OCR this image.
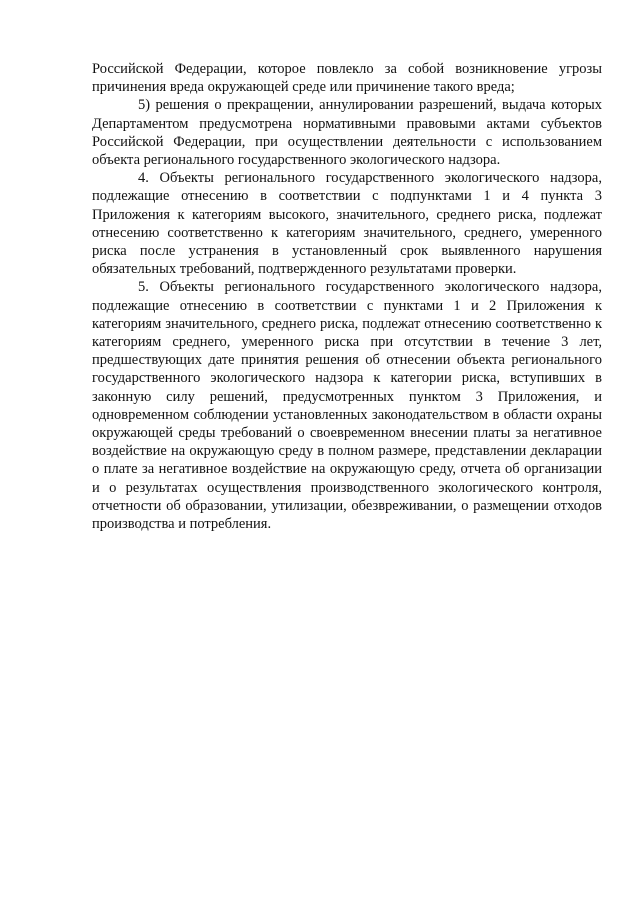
Российской Федерации, которое повлекло за собой возникновение угрозы причинения вреда окружающей среде или причинение такого вреда;

5) решения о прекращении, аннулировании разрешений, выдача которых Департаментом предусмотрена нормативными правовыми актами субъектов Российской Федерации, при осуществлении деятельности с использованием объекта регионального государственного экологического надзора.

4. Объекты регионального государственного экологического надзора, подлежащие отнесению в соответствии с подпунктами 1 и 4 пункта 3 Приложения к категориям высокого, значительного, среднего риска, подлежат отнесению соответственно к категориям значительного, среднего, умеренного риска после устранения в установленный срок выявленного нарушения обязательных требований, подтвержденного результатами проверки.

5. Объекты регионального государственного экологического надзора, подлежащие отнесению в соответствии с пунктами 1 и 2 Приложения к категориям значительного, среднего риска, подлежат отнесению соответственно к категориям среднего, умеренного риска при отсутствии в течение 3 лет, предшествующих дате принятия решения об отнесении объекта регионального государственного экологического надзора к категории риска, вступивших в законную силу решений, предусмотренных пунктом 3 Приложения, и одновременном соблюдении установленных законодательством в области охраны окружающей среды требований о своевременном внесении платы за негативное воздействие на окружающую среду в полном размере, представлении декларации о плате за негативное воздействие на окружающую среду, отчета об организации и о результатах осуществления производственного экологического контроля, отчетности об образовании, утилизации, обезвреживании, о размещении отходов производства и потребления.
